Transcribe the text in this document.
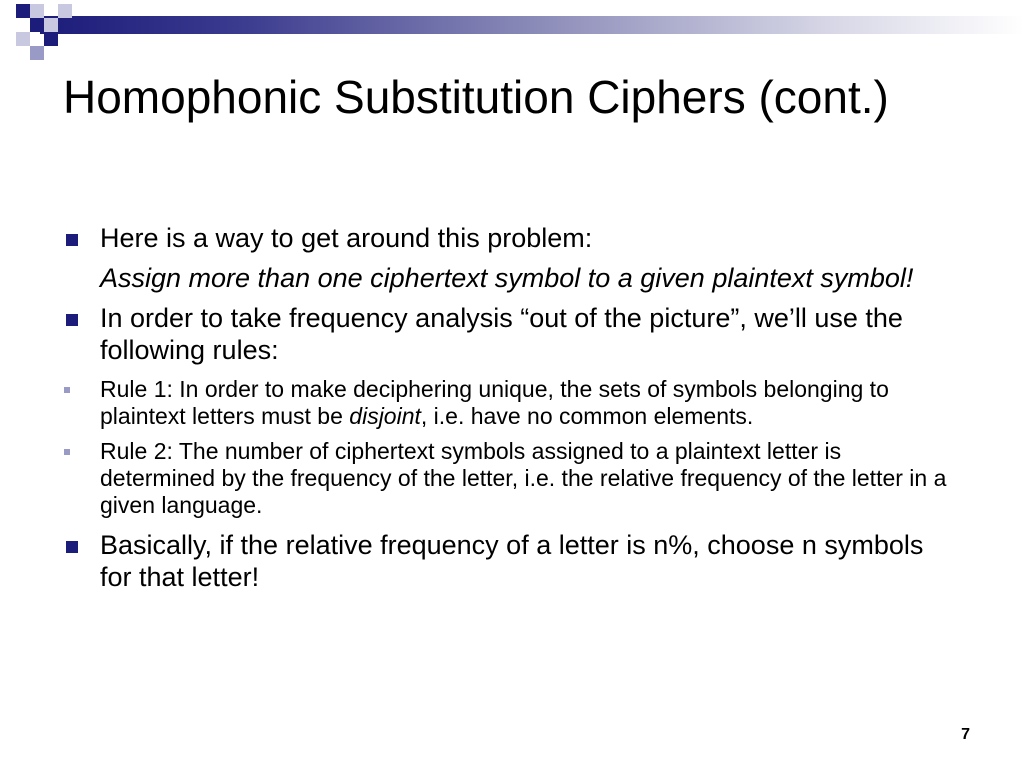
Homophonic Substitution Ciphers (cont.)
Here is a way to get around this problem:
Assign more than one ciphertext symbol to a given plaintext symbol!
In order to take frequency analysis “out of the picture”, we’ll use the following rules:
Rule 1: In order to make deciphering unique, the sets of symbols belonging to plaintext letters must be disjoint, i.e. have no common elements.
Rule 2: The number of ciphertext symbols assigned to a plaintext letter is determined by the frequency of the letter, i.e. the relative frequency of the letter in a given language.
Basically, if the relative frequency of a letter is n%, choose n symbols for that letter!
7
